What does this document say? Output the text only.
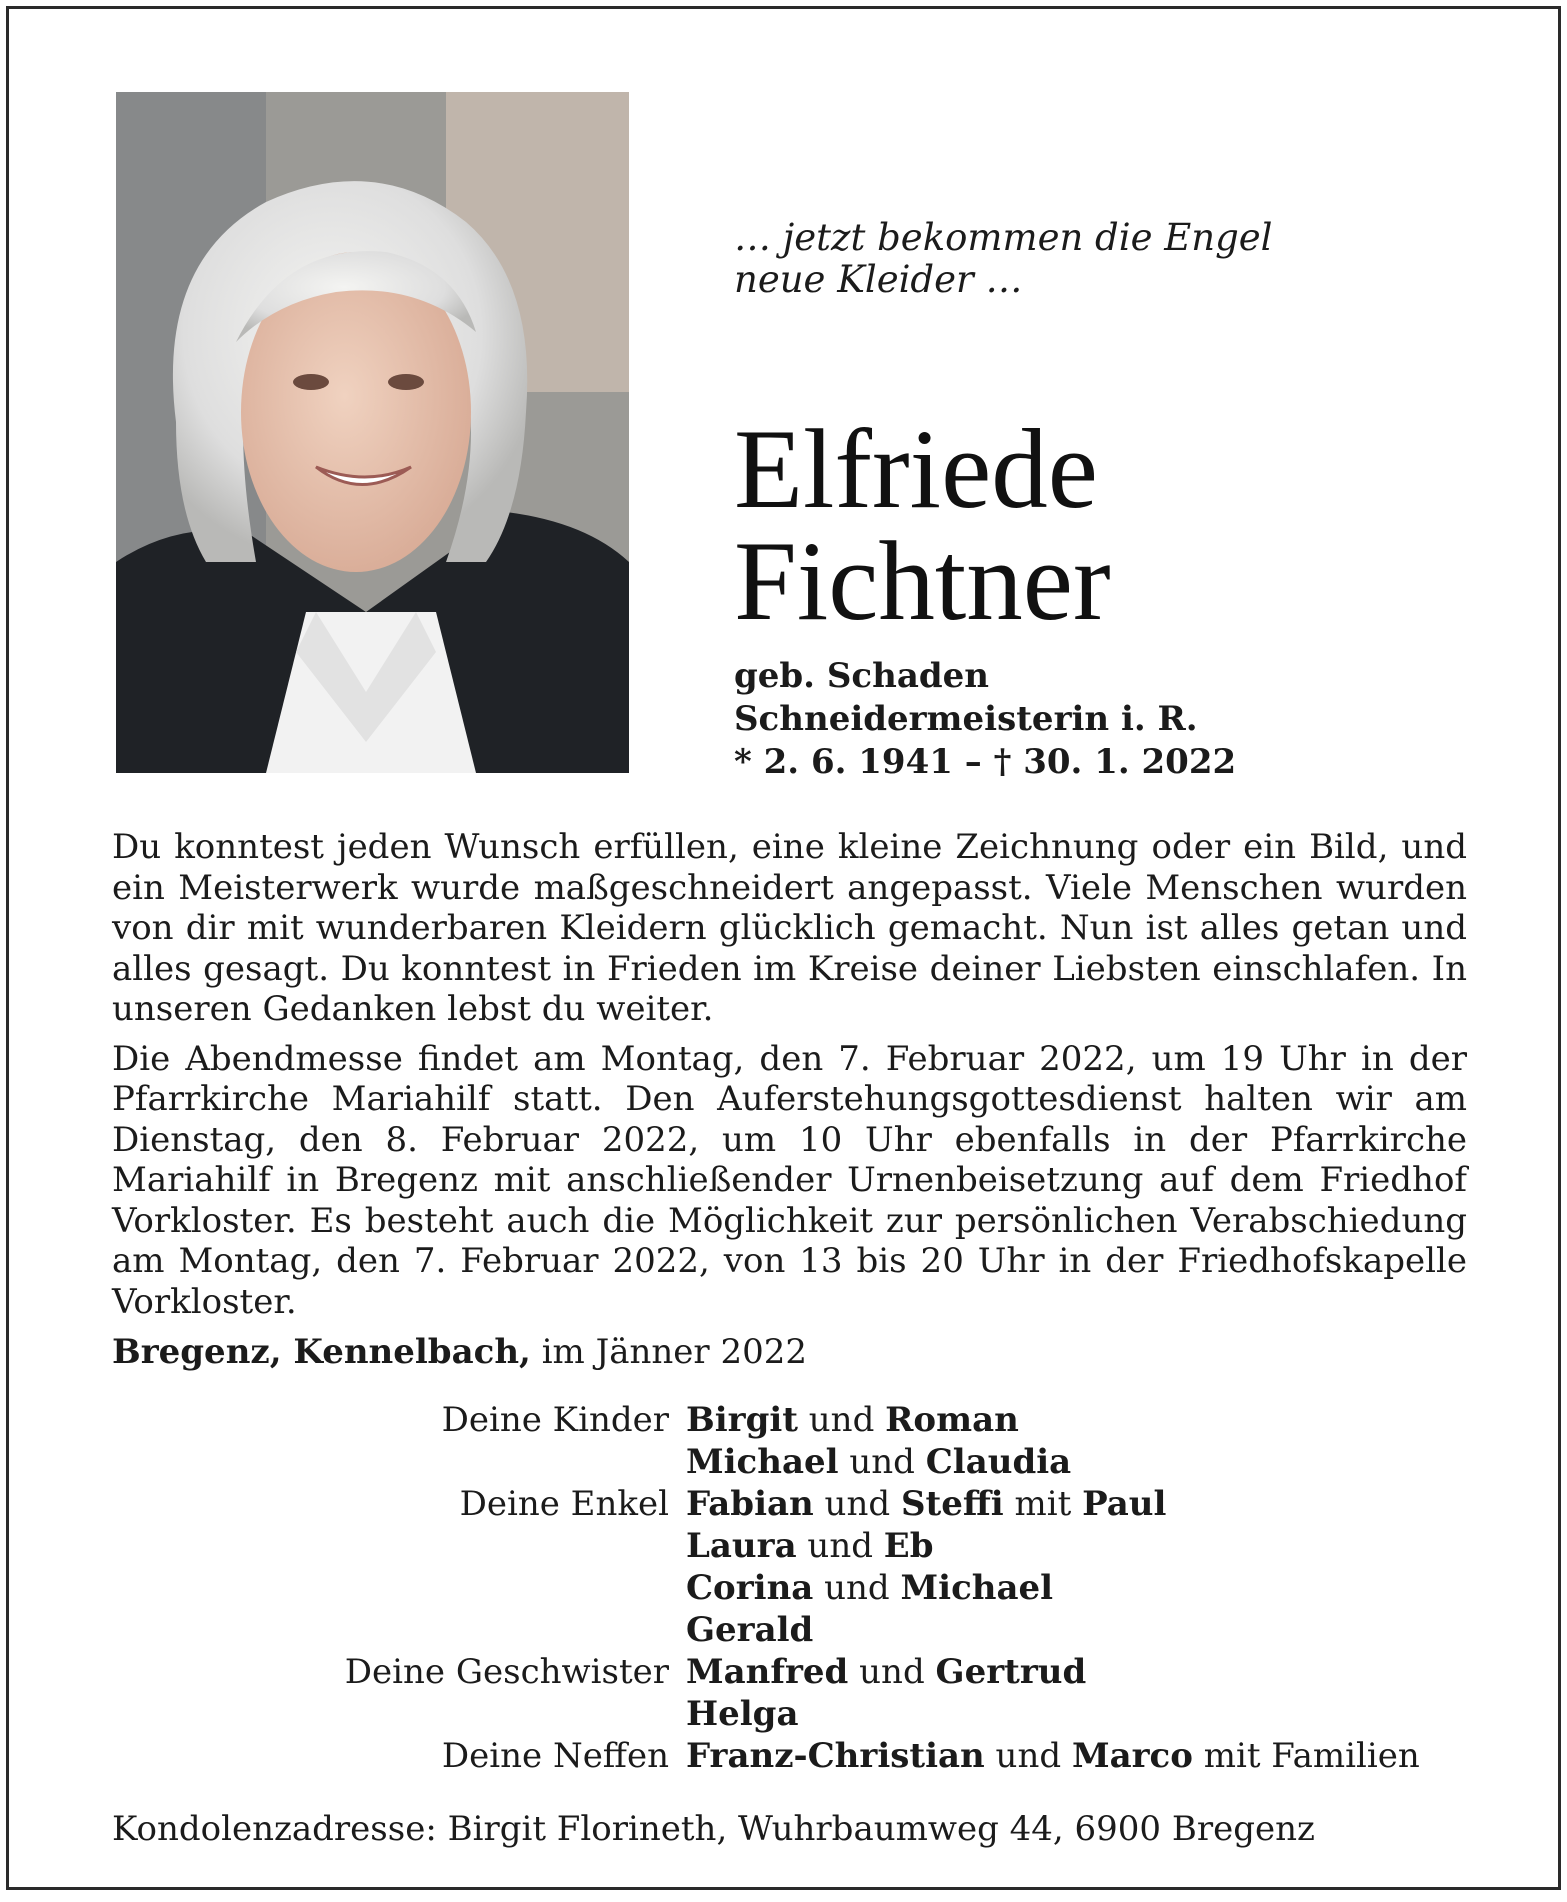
… jetzt bekommen die Engel
neue Kleider …
Elfriede
Fichtner
geb. Schaden
Schneidermeisterin i. R.
* 2. 6. 1941 – † 30. 1. 2022

Du konntest jeden Wunsch erfüllen, eine kleine Zeichnung oder ein Bild, und ein Meisterwerk wurde maßgeschneidert angepasst. Viele Menschen wurden von dir mit wunderbaren Kleidern glücklich gemacht. Nun ist alles getan und alles gesagt. Du konntest in Frieden im Kreise deiner Liebsten einschlafen. In unseren Gedanken lebst du weiter.

Die Abendmesse findet am Montag, den 7. Februar 2022, um 19 Uhr in der Pfarrkirche Mariahilf statt. Den Auferstehungsgottesdienst halten wir am Dienstag, den 8. Februar 2022, um 10 Uhr ebenfalls in der Pfarrkirche Mariahilf in Bregenz mit anschließender Urnenbeisetzung auf dem Friedhof Vorkloster. Es besteht auch die Möglichkeit zur persönlichen Verabschiedung am Montag, den 7. Februar 2022, von 13 bis 20 Uhr in der Friedhofskapelle Vorkloster.

Bregenz, Kennelbach, im Jänner 2022
Deine Kinder Birgit und Roman
Michael und Claudia
Deine Enkel Fabian und Steffi mit Paul
Laura und Eb
Corina und Michael
Gerald
Deine Geschwister Manfred und Gertrud
Helga
Deine Neffen Franz-Christian und Marco mit Familien
Kondolenzadresse: Birgit Florineth, Wuhrbaumweg 44, 6900 Bregenz
